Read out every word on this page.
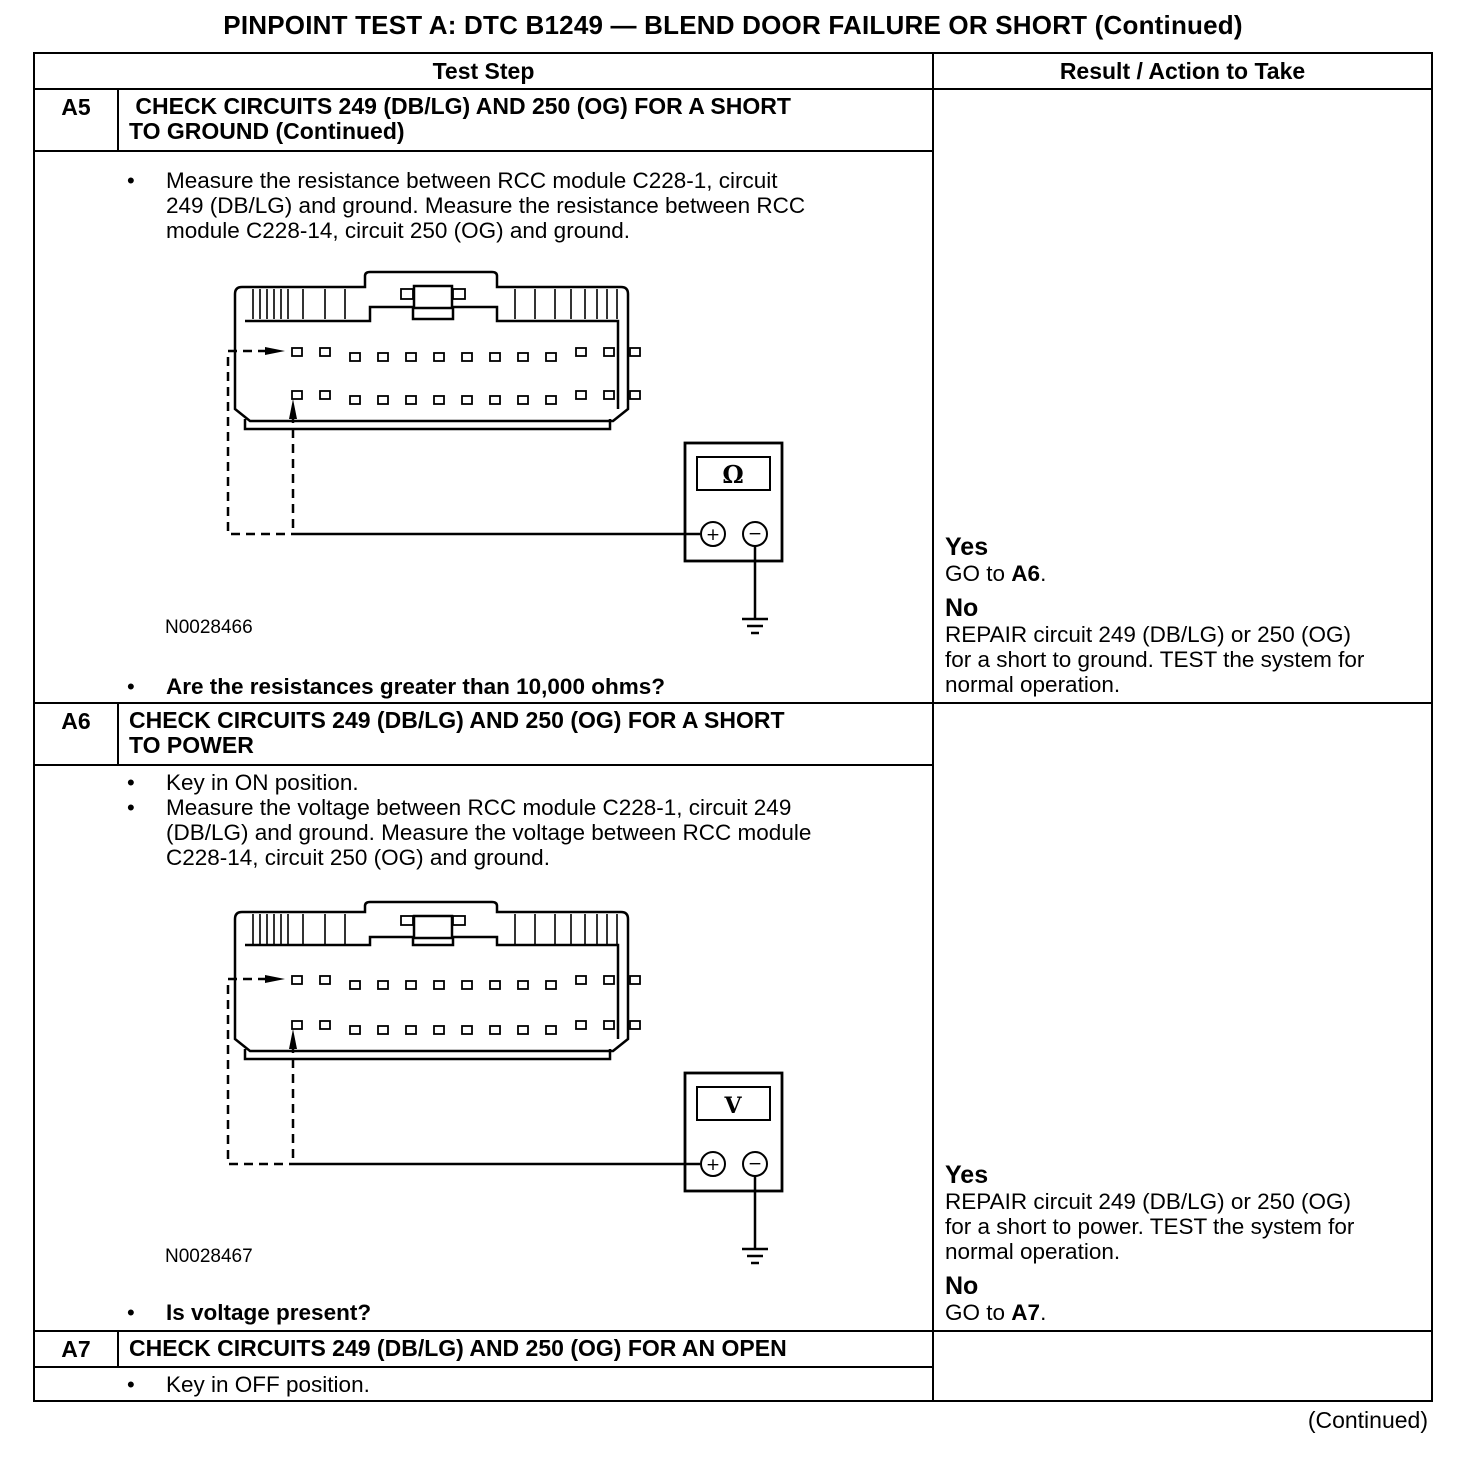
PINPOINT TEST A: DTC B1249 — BLEND DOOR FAILURE OR SHORT (Continued)
Test Step	Result / Action to Take
A5	CHECK CIRCUITS 249 (DB/LG) AND 250 (OG) FOR A SHORT
TO GROUND (Continued)
• Measure the resistance between RCC module C228-1, circuit
249 (DB/LG) and ground. Measure the resistance between RCC
module C228-14, circuit 250 (OG) and ground.
Ω
+ −
N0028466
• Are the resistances greater than 10,000 ohms?
Yes
GO to A6.
No
REPAIR circuit 249 (DB/LG) or 250 (OG)
for a short to ground. TEST the system for
normal operation.
A6	CHECK CIRCUITS 249 (DB/LG) AND 250 (OG) FOR A SHORT
TO POWER
• Key in ON position.
• Measure the voltage between RCC module C228-1, circuit 249
(DB/LG) and ground. Measure the voltage between RCC module
C228-14, circuit 250 (OG) and ground.
V
+ −
N0028467
• Is voltage present?
Yes
REPAIR circuit 249 (DB/LG) or 250 (OG)
for a short to power. TEST the system for
normal operation.
No
GO to A7.
A7	CHECK CIRCUITS 249 (DB/LG) AND 250 (OG) FOR AN OPEN
• Key in OFF position.
(Continued)
